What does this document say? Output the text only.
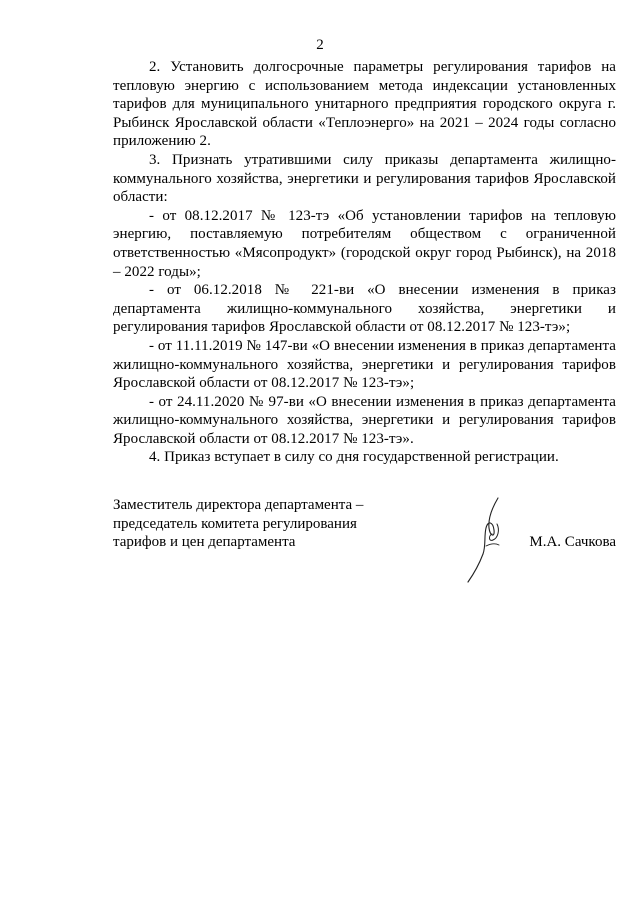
2

2. Установить долгосрочные параметры регулирования тарифов на тепловую энергию с использованием метода индексации установленных тарифов для муниципального унитарного предприятия городского округа г. Рыбинск Ярославской области «Теплоэнерго» на 2021 – 2024 годы согласно приложению 2.

3. Признать утратившими силу приказы департамента жилищно-коммунального хозяйства, энергетики и регулирования тарифов Ярославской области:

- от 08.12.2017 № 123-тэ «Об установлении тарифов на тепловую энергию, поставляемую потребителям обществом с ограниченной ответственностью «Мясопродукт» (городской округ город Рыбинск), на 2018 – 2022 годы»;

- от 06.12.2018 № 221-ви «О внесении изменения в приказ департамента жилищно-коммунального хозяйства, энергетики и регулирования тарифов Ярославской области от 08.12.2017 № 123-тэ»;

- от 11.11.2019 № 147-ви «О внесении изменения в приказ департамента жилищно-коммунального хозяйства, энергетики и регулирования тарифов Ярославской области от 08.12.2017 № 123-тэ»;

- от 24.11.2020 № 97-ви «О внесении изменения в приказ департамента жилищно-коммунального хозяйства, энергетики и регулирования тарифов Ярославской области от 08.12.2017 № 123-тэ».

4. Приказ вступает в силу со дня государственной регистрации.

Заместитель директора департамента –
председатель комитета регулирования
тарифов и цен департамента	М.А. Сачкова
